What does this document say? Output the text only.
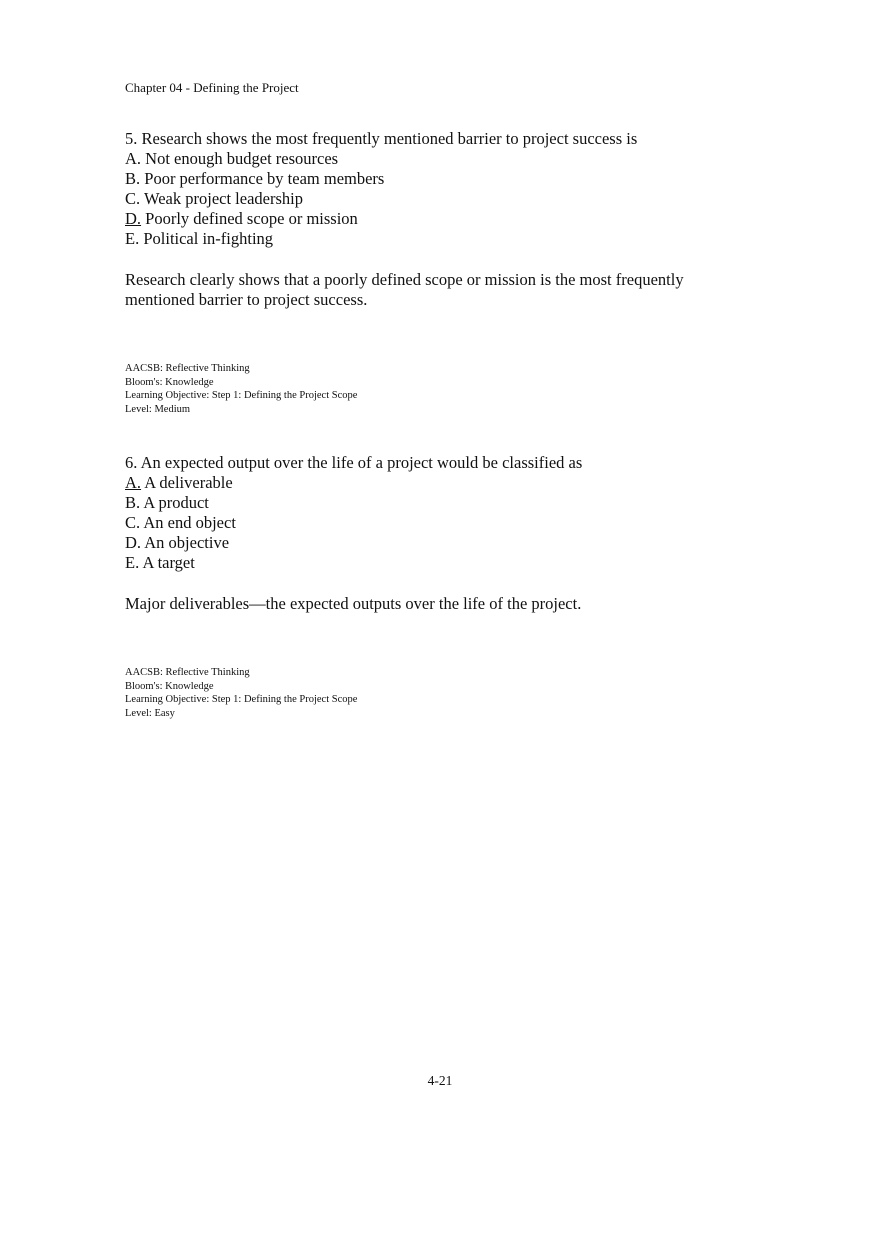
Chapter 04 - Defining the Project
5. Research shows the most frequently mentioned barrier to project success is
A. Not enough budget resources
B. Poor performance by team members
C. Weak project leadership
D. Poorly defined scope or mission
E. Political in-fighting
Research clearly shows that a poorly defined scope or mission is the most frequently mentioned barrier to project success.
AACSB: Reflective Thinking
Bloom's: Knowledge
Learning Objective: Step 1: Defining the Project Scope
Level: Medium
6. An expected output over the life of a project would be classified as
A. A deliverable
B. A product
C. An end object
D. An objective
E. A target
Major deliverables—the expected outputs over the life of the project.
AACSB: Reflective Thinking
Bloom's: Knowledge
Learning Objective: Step 1: Defining the Project Scope
Level: Easy
4-21
